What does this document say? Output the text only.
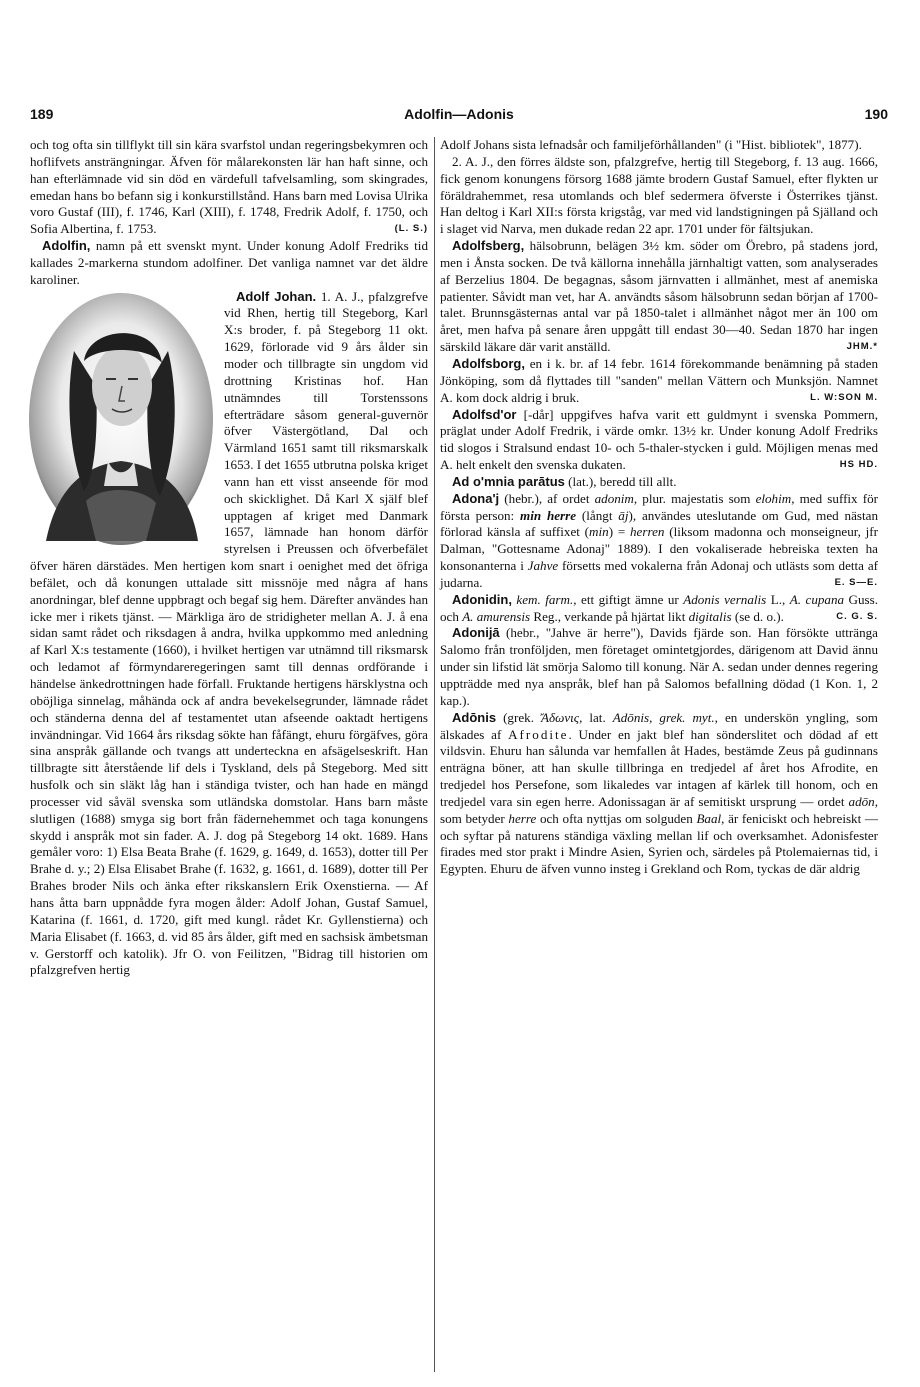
189	Adolfin—Adonis	190

och tog ofta sin tillflykt till sin kära svarfstol undan regeringsbekymren och hoflifvets ansträngningar. Äfven för målarekonsten lär han haft sinne, och han efterlämnade vid sin död en värdefull tafvelsamling, som skingrades, emedan hans bo befann sig i konkurstillstånd. Hans barn med Lovisa Ulrika voro Gustaf (III), f. 1746, Karl (XIII), f. 1748, Fredrik Adolf, f. 1750, och Sofia Albertina, f. 1753.	(L. S.)

Adolfin, namn på ett svenskt mynt. Under konung Adolf Fredriks tid kallades 2-markerna stundom adolfiner. Det vanliga namnet var det äldre karoliner.

Adolf Johan. 1. A. J., pfalzgrefve vid Rhen, hertig till Stegeborg, Karl X:s broder, f. på Stegeborg 11 okt. 1629, förlorade vid 9 års ålder sin moder och tillbragte sin ungdom vid drottning Kristinas hof. Han utnämndes till Torstenssons efterträdare såsom general-guvernör öfver Västergötland, Dal och Värmland 1651 samt till riksmarskalk 1653. I det 1655 utbrutna polska kriget vann han ett visst anseende för mod och skicklighet. Då Karl X själf blef upptagen af kriget med Danmark 1657, lämnade han honom därför styrelsen i Preussen och öfverbefälet öfver hären därstädes. Men hertigen kom snart i oenighet med det öfriga befälet, och då konungen uttalade sitt missnöje med några af hans anordningar, blef denne uppbragt och begaf sig hem. Därefter användes han icke mer i rikets tjänst. — Märkliga äro de stridigheter mellan A. J. å ena sidan samt rådet och riksdagen å andra, hvilka uppkommo med anledning af Karl X:s testamente (1660), i hvilket hertigen var utnämnd till riksmarsk och ledamot af förmyndareregeringen samt till dennas ordförande i händelse änkedrottningen hade förfall. Fruktande hertigens härsklystna och oböjliga sinnelag, måhända ock af andra bevekelsegrunder, lämnade rådet och ständerna denna del af testamentet utan afseende oaktadt hertigens invändningar. Vid 1664 års riksdag sökte han fåfängt, ehuru förgäfves, göra sina anspråk gällande och tvangs att underteckna en afsägelseskrift. Han tillbragte sitt återstående lif dels i Tyskland, dels på Stegeborg. Med sitt husfolk och sin släkt låg han i ständiga tvister, och han hade en mängd processer vid såväl svenska som utländska domstolar. Hans barn måste slutligen (1688) smyga sig bort från fädernehemmet och taga konungens skydd i anspråk mot sin fader. A. J. dog på Stegeborg 14 okt. 1689. Hans gemåler voro: 1) Elsa Beata Brahe (f. 1629, g. 1649, d. 1653), dotter till Per Brahe d. y.; 2) Elsa Elisabet Brahe (f. 1632, g. 1661, d. 1689), dotter till Per Brahes broder Nils och änka efter rikskanslern Erik Oxenstierna. — Af hans åtta barn uppnådde fyra mogen ålder: Adolf Johan, Gustaf Samuel, Katarina (f. 1661, d. 1720, gift med kungl. rådet Kr. Gyllenstierna) och Maria Elisabet (f. 1663, d. vid 85 års ålder, gift med en sachsisk ämbetsman v. Gerstorff och katolik). Jfr O. von Feilitzen, "Bidrag till historien om pfalzgrefven hertig

Adolf Johans sista lefnadsår och familjeförhållanden" (i "Hist. bibliotek", 1877).

2. A. J., den förres äldste son, pfalzgrefve, hertig till Stegeborg, f. 13 aug. 1666, fick genom konungens försorg 1688 jämte brodern Gustaf Samuel, efter flykten ur föräldrahemmet, resa utomlands och blef sedermera öfverste i Österrikes tjänst. Han deltog i Karl XII:s första krigståg, var med vid landstigningen på Själland och i slaget vid Narva, men dukade redan 22 apr. 1701 under för fältsjukan.

Adolfsberg, hälsobrunn, belägen 3½ km. söder om Örebro, på stadens jord, men i Ånsta socken. De två källorna innehålla järnhaltigt vatten, som analyserades af Berzelius 1804. De begagnas, såsom järnvatten i allmänhet, mest af anemiska patienter. Såvidt man vet, har A. användts såsom hälsobrunn sedan början af 1700-talet. Brunnsgästernas antal var på 1850-talet i allmänhet något mer än 100 om året, men hafva på senare åren uppgått till endast 30—40. Sedan 1870 har ingen särskild läkare där varit anställd.	JHM.*

Adolfsborg, en i k. br. af 14 febr. 1614 förekommande benämning på staden Jönköping, som då flyttades till "sanden" mellan Vättern och Munksjön. Namnet A. kom dock aldrig i bruk.	L. W:SON M.

Adolfsd'or [-dår] uppgifves hafva varit ett guldmynt i svenska Pommern, präglat under Adolf Fredrik, i värde omkr. 13½ kr. Under konung Adolf Fredriks tid slogos i Stralsund endast 10- och 5-thaler-stycken i guld. Möjligen menas med A. helt enkelt den svenska dukaten.	HS HD.

Ad o'mnia parātus (lat.), beredd till allt.

Adona'j (hebr.), af ordet adonim, plur. majestatis som elohim, med suffix för första person: min herre (långt āj), användes uteslutande om Gud, med nästan förlorad känsla af suffixet (min) = herren (liksom madonna och monseigneur, jfr Dalman, "Gottesname Adonaj" 1889). I den vokaliserade hebreiska texten ha konsonanterna i Jahve försetts med vokalerna från Adonaj och utlästs som detta af judarna.	E. S—E.

Adonidin, kem. farm., ett giftigt ämne ur Adonis vernalis L., A. cupana Guss. och A. amurensis Reg., verkande på hjärtat likt digitalis (se d. o.).	C. G. S.

Adonijā (hebr., "Jahve är herre"), Davids fjärde son. Han försökte uttränga Salomo från tronföljden, men företaget omintetgjordes, därigenom att David ännu under sin lifstid lät smörja Salomo till konung. När A. sedan under dennes regering uppträdde med nya anspråk, blef han på Salomos befallning dödad (1 Kon. 1, 2 kap.).

Adōnis (grek. Ἄδωνις, lat. Adōnis, grek. myt., en underskön yngling, som älskades af Afrodite. Under en jakt blef han sönderslitet och dödad af ett vildsvin. Ehuru han sålunda var hemfallen åt Hades, bestämde Zeus på gudinnans enträgna böner, att han skulle tillbringa en tredjedel af året hos Afrodite, en tredjedel hos Persefone, som likaledes var intagen af kärlek till honom, och en tredjedel vara sin egen herre. Adonissagan är af semitiskt ursprung — ordet adōn, som betyder herre och ofta nyttjas om solguden Baal, är feniciskt och hebreiskt — och syftar på naturens ständiga växling mellan lif och overksamhet. Adonisfester firades med stor prakt i Mindre Asien, Syrien och, särdeles på Ptolemaiernas tid, i Egypten. Ehuru de äfven vunno insteg i Grekland och Rom, tyckas de där aldrig
